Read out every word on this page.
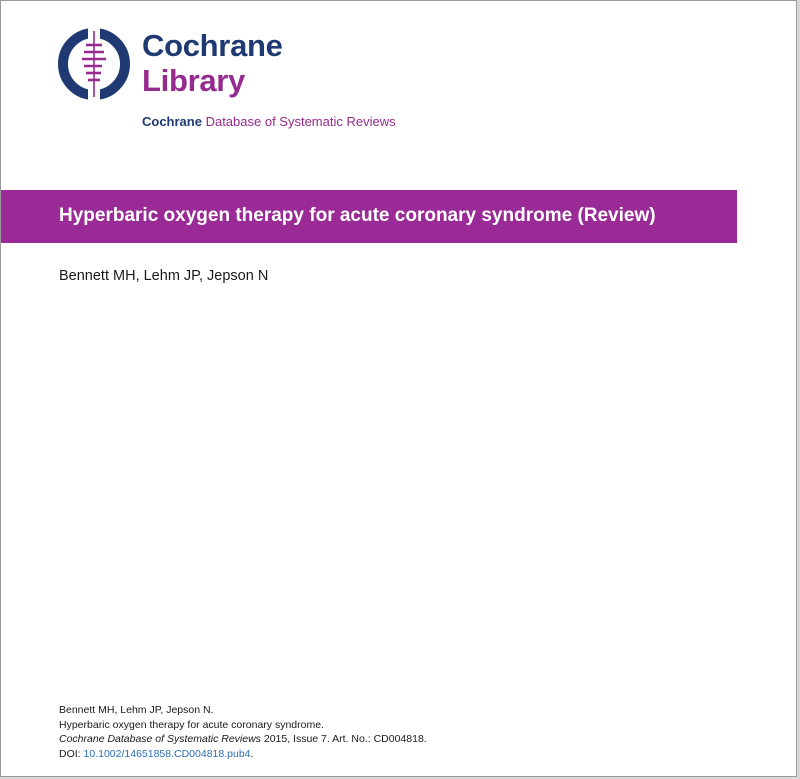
Cochrane
Library
Cochrane Database of Systematic Reviews
Hyperbaric oxygen therapy for acute coronary syndrome (Review)
Bennett MH, Lehm JP, Jepson N
Bennett MH, Lehm JP, Jepson N.
Hyperbaric oxygen therapy for acute coronary syndrome.
Cochrane Database of Systematic Reviews 2015, Issue 7. Art. No.: CD004818.
DOI: 10.1002/14651858.CD004818.pub4.
